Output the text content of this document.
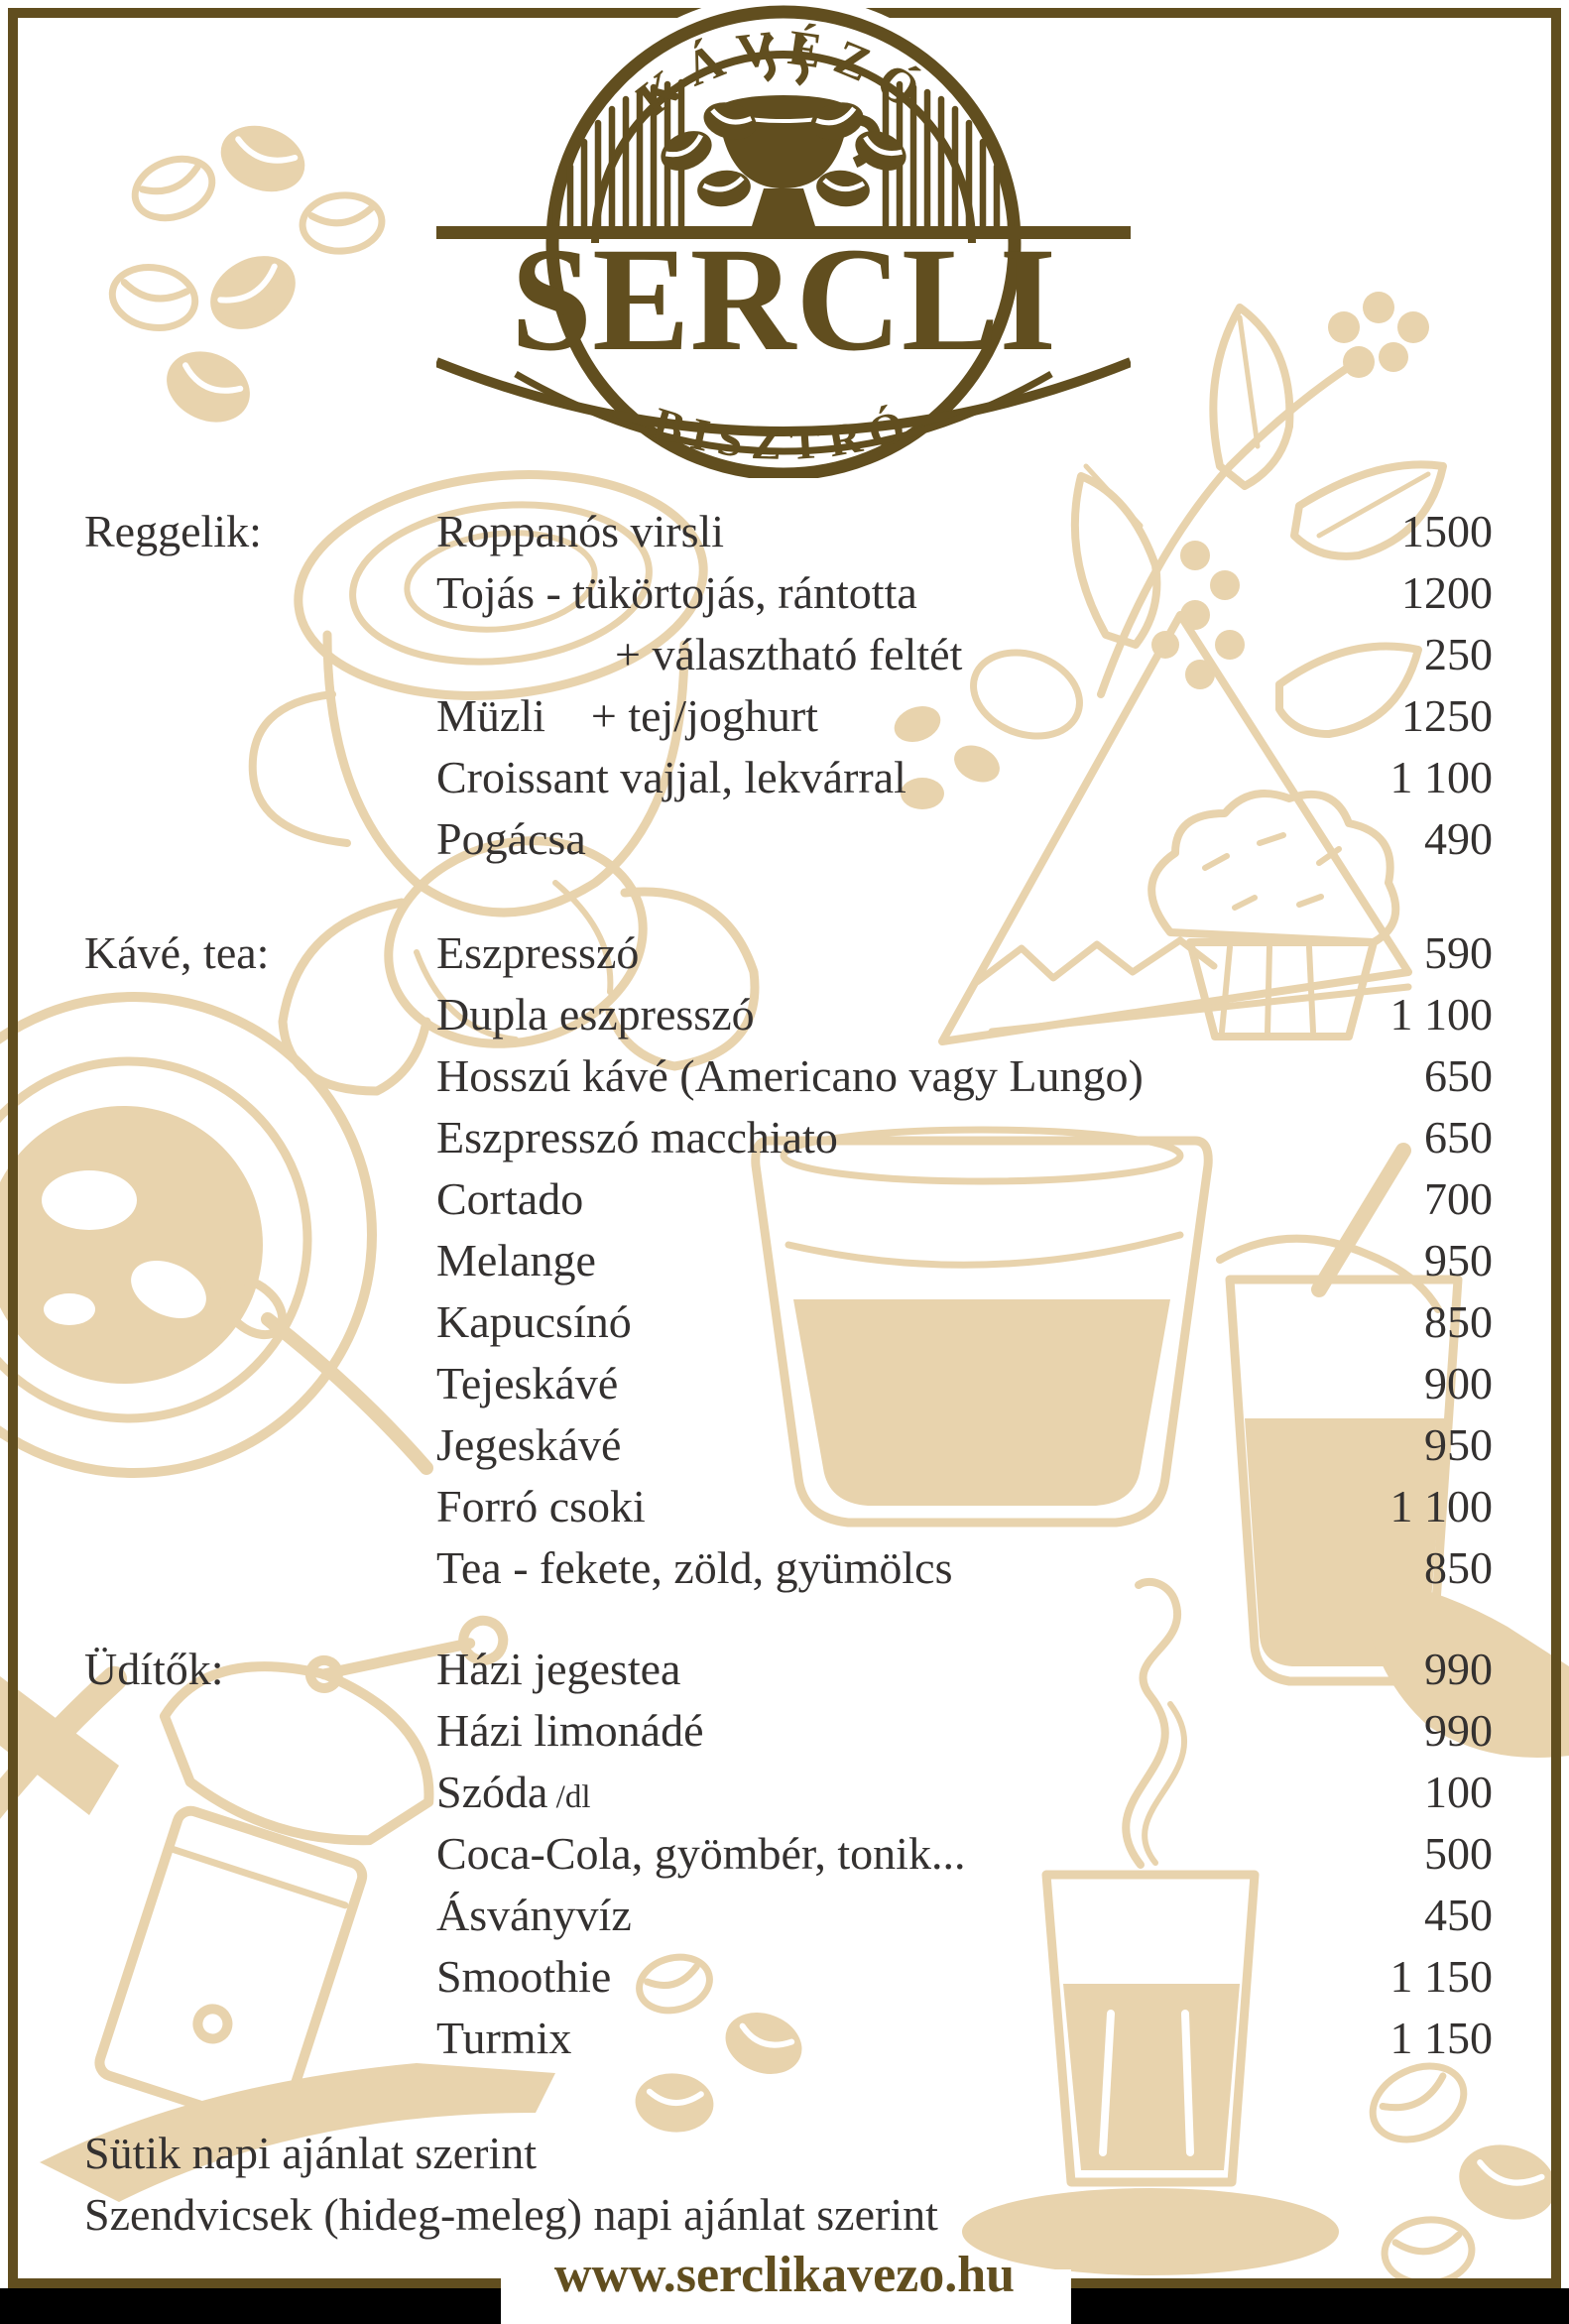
KÁVÉZÓ
SERCLI
BISZTRÓ
Reggelik:	Roppanós virsli	1500
Tojás - tükörtojás, rántotta	1200
+ választható feltét	250
Müzli    + tej/joghurt	1250
Croissant vajjal, lekvárral	1 100
Pogácsa	490
Kávé, tea:	Eszpresszó	590
Dupla eszpresszó	1 100
Hosszú kávé (Americano vagy Lungo)	650
Eszpresszó macchiato	650
Cortado	700
Melange	950
Kapucsínó	850
Tejeskávé	900
Jegeskávé	950
Forró csoki	1 100
Tea - fekete, zöld, gyümölcs	850
Üdítők:	Házi jegestea	990
Házi limonádé	990
Szóda /dl	100
Coca-Cola, gyömbér, tonik...	500
Ásványvíz	450
Smoothie	1 150
Turmix	1 150
Sütik napi ajánlat szerint
Szendvicsek (hideg-meleg) napi ajánlat szerint
www.serclikavezo.hu
